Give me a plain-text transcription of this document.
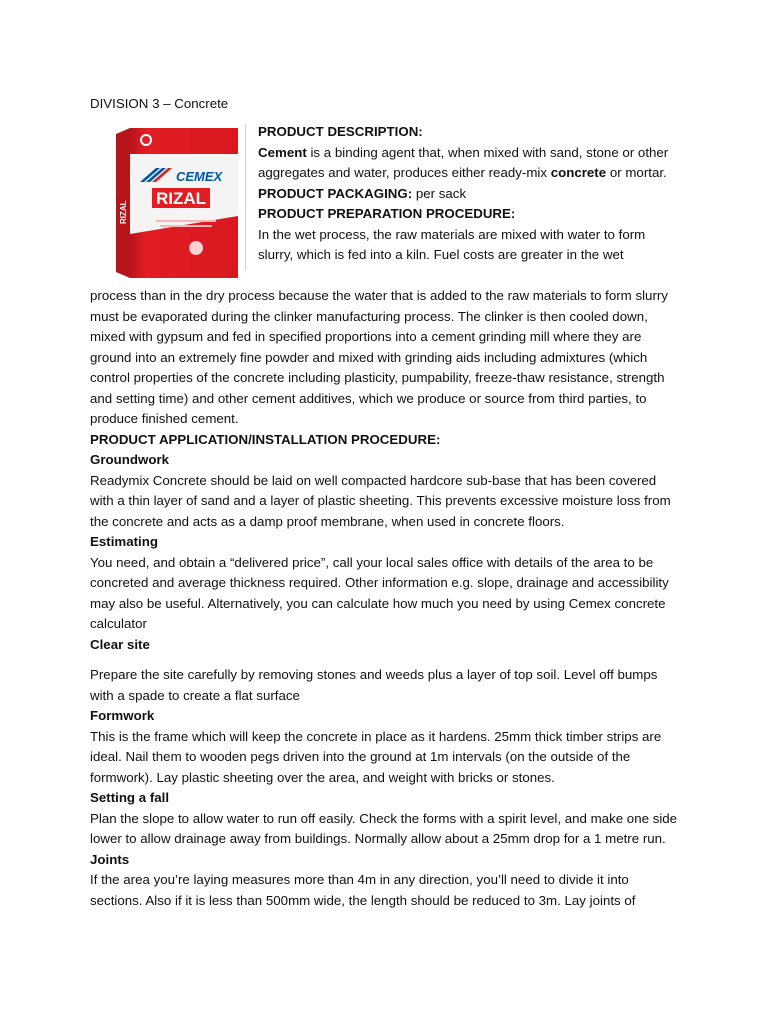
DIVISION 3 – Concrete
CEMEX
RIZAL
RIZAL

PRODUCT DESCRIPTION:

Cement is a binding agent that, when mixed with sand, stone or other aggregates and water, produces either ready-mix concrete or mortar.

PRODUCT PACKAGING: per sack

PRODUCT PREPARATION PROCEDURE:

In the wet process, the raw materials are mixed with water to form slurry, which is fed into a kiln. Fuel costs are greater in the wet

process than in the dry process because the water that is added to the raw materials to form slurry must be evaporated during the clinker manufacturing process. The clinker is then cooled down, mixed with gypsum and fed in specified proportions into a cement grinding mill where they are ground into an extremely fine powder and mixed with grinding aids including admixtures (which control properties of the concrete including plasticity, pumpability, freeze-thaw resistance, strength and setting time) and other cement additives, which we produce or source from third parties, to produce finished cement.

PRODUCT APPLICATION/INSTALLATION PROCEDURE:

Groundwork

Readymix Concrete should be laid on well compacted hardcore sub-base that has been covered with a thin layer of sand and a layer of plastic sheeting. This prevents excessive moisture loss from the concrete and acts as a damp proof membrane, when used in concrete floors.

Estimating

You need, and obtain a “delivered price”, call your local sales office with details of the area to be concreted and average thickness required. Other information e.g. slope, drainage and accessibility may also be useful. Alternatively, you can calculate how much you need by using Cemex concrete calculator

Clear site

Prepare the site carefully by removing stones and weeds plus a layer of top soil. Level off bumps with a spade to create a flat surface

Formwork

This is the frame which will keep the concrete in place as it hardens. 25mm thick timber strips are ideal. Nail them to wooden pegs driven into the ground at 1m intervals (on the outside of the formwork). Lay plastic sheeting over the area, and weight with bricks or stones.

Setting a fall

Plan the slope to allow water to run off easily. Check the forms with a spirit level, and make one side lower to allow drainage away from buildings. Normally allow about a 25mm drop for a 1 metre run.

Joints

If the area you’re laying measures more than 4m in any direction, you’ll need to divide it into sections. Also if it is less than 500mm wide, the length should be reduced to 3m. Lay joints of
